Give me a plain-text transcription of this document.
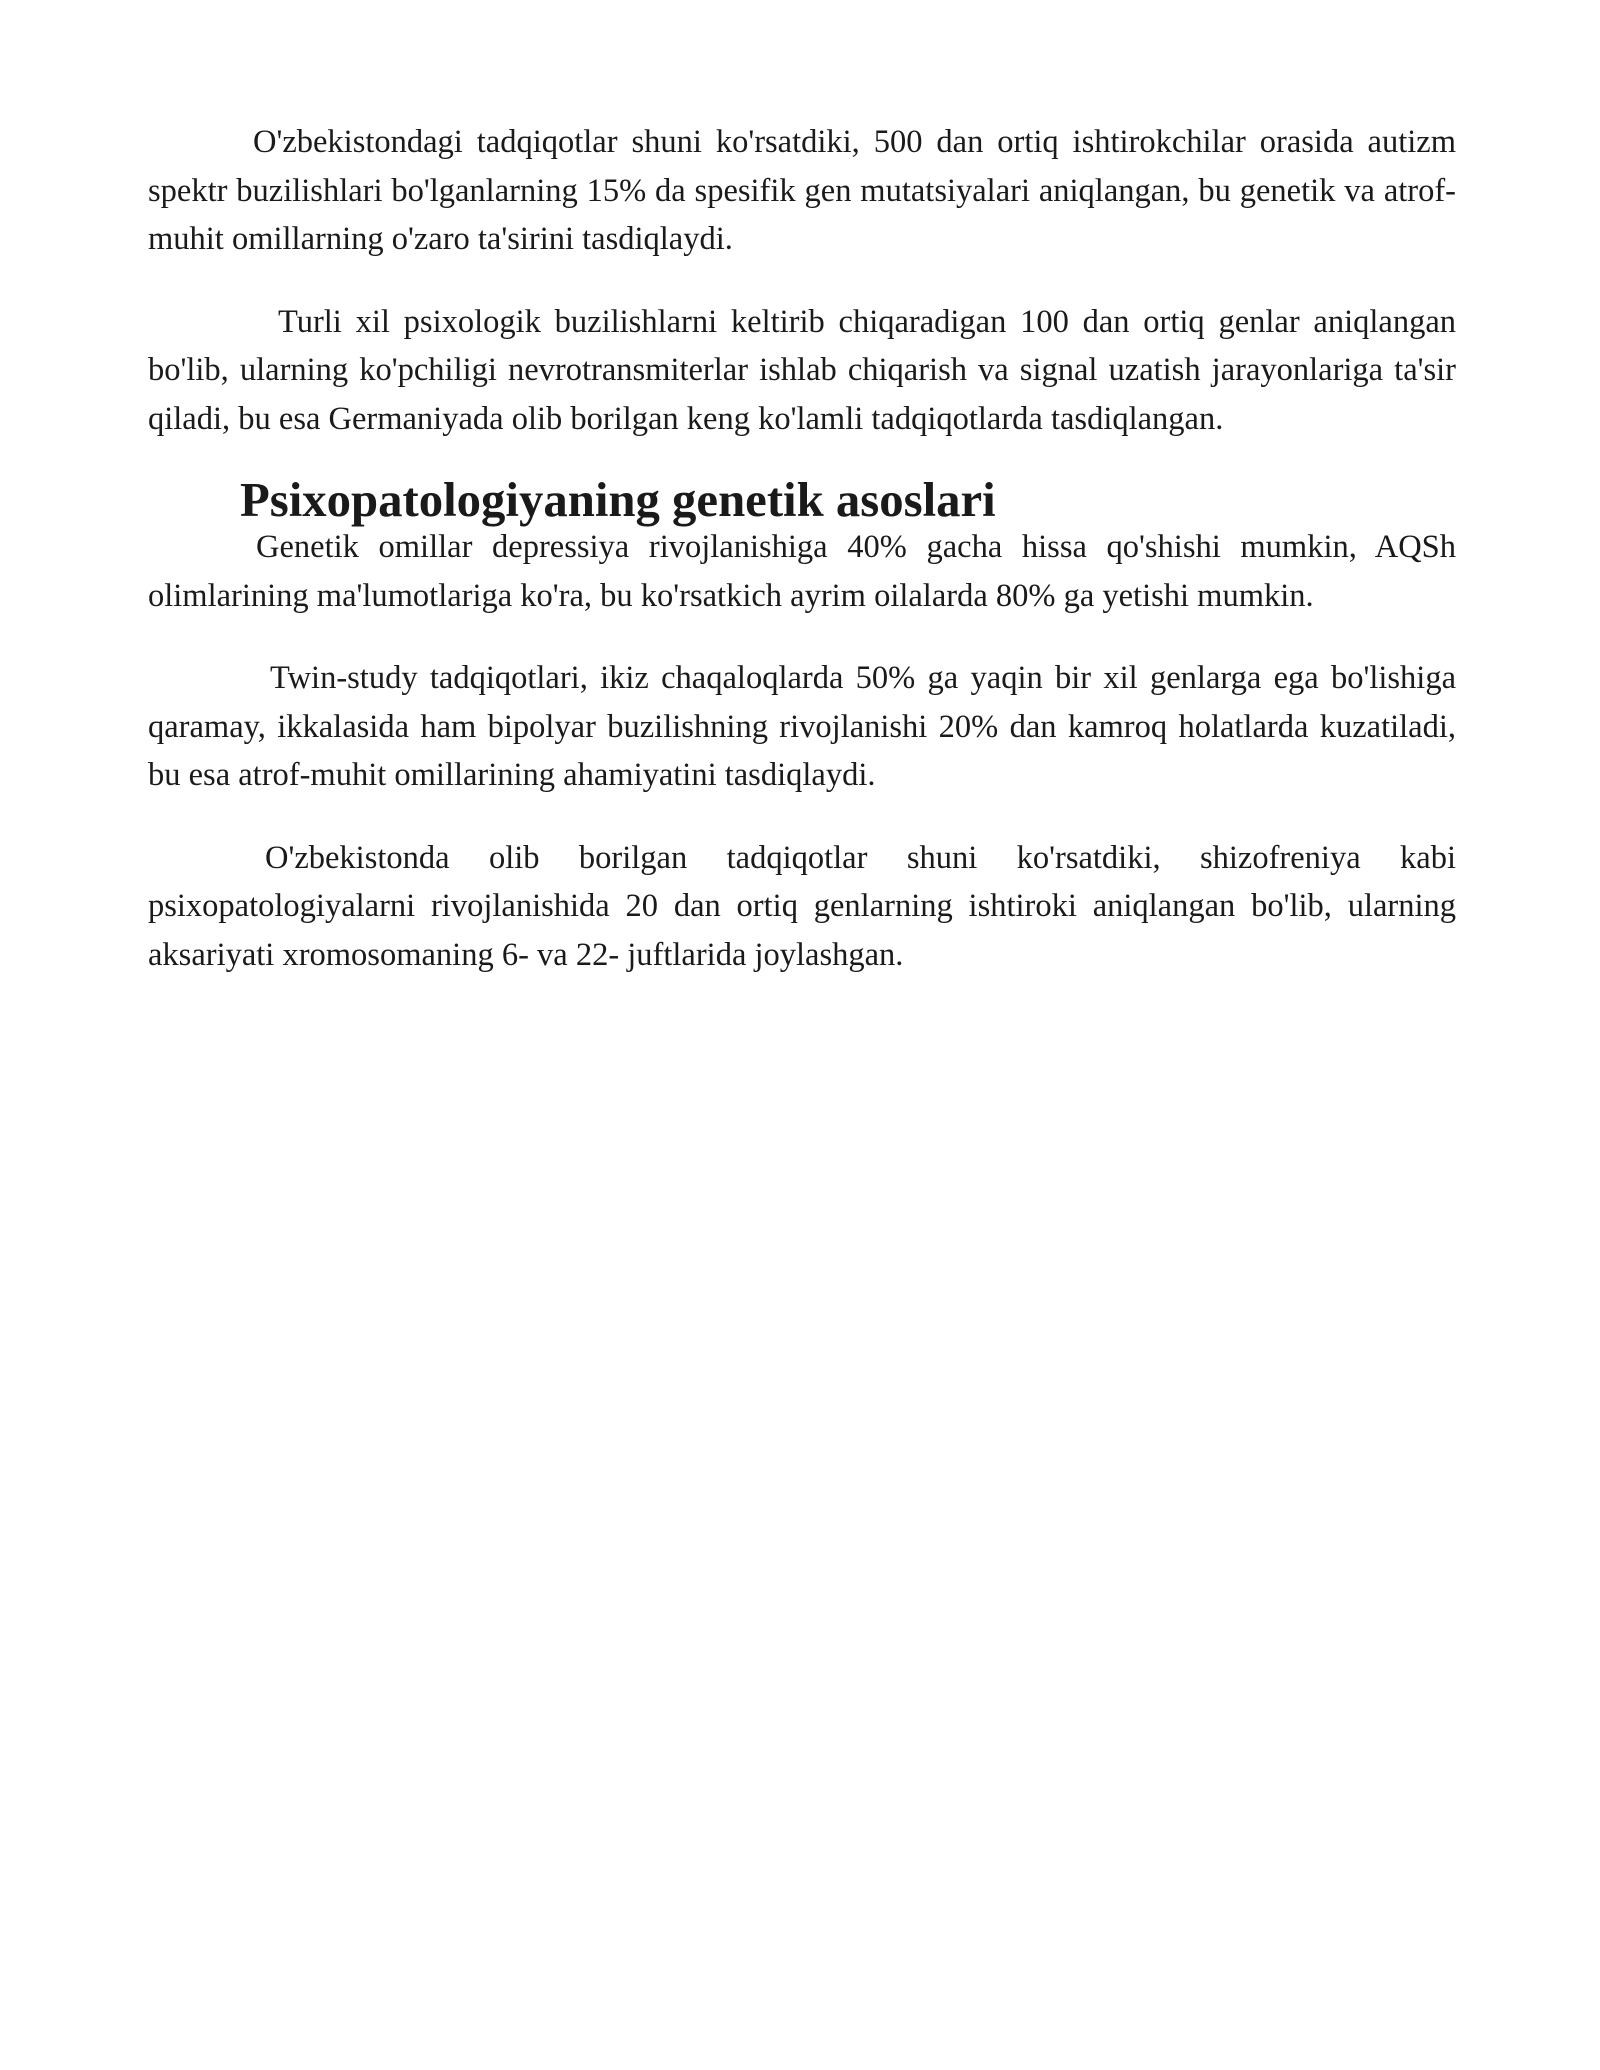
O'zbekistondagi tadqiqotlar shuni ko'rsatdiki, 500 dan ortiq ishtirokchilar orasida autizm spektr buzilishlari bo'lganlarning 15% da spesifik gen mutatsiyalari aniqlangan, bu genetik va atrof-muhit omillarning o'zaro ta'sirini tasdiqlaydi.

Turli xil psixologik buzilishlarni keltirib chiqaradigan 100 dan ortiq genlar aniqlangan bo'lib, ularning ko'pchiligi nevrotransmiterlar ishlab chiqarish va signal uzatish jarayonlariga ta'sir qiladi, bu esa Germaniyada olib borilgan keng ko'lamli tadqiqotlarda tasdiqlangan.

Psixopatologiyaning genetik asoslari

Genetik omillar depressiya rivojlanishiga 40% gacha hissa qo'shishi mumkin, AQSh olimlarining ma'lumotlariga ko'ra, bu ko'rsatkich ayrim oilalarda 80% ga yetishi mumkin.

Twin-study tadqiqotlari, ikiz chaqaloqlarda 50% ga yaqin bir xil genlarga ega bo'lishiga qaramay, ikkalasida ham bipolyar buzilishning rivojlanishi 20% dan kamroq holatlarda kuzatiladi, bu esa atrof-muhit omillarining ahamiyatini tasdiqlaydi.

O'zbekistonda olib borilgan tadqiqotlar shuni ko'rsatdiki, shizofreniya kabi psixopatologiyalarni rivojlanishida 20 dan ortiq genlarning ishtiroki aniqlangan bo'lib, ularning aksariyati xromosomaning 6- va 22- juftlarida joylashgan.
